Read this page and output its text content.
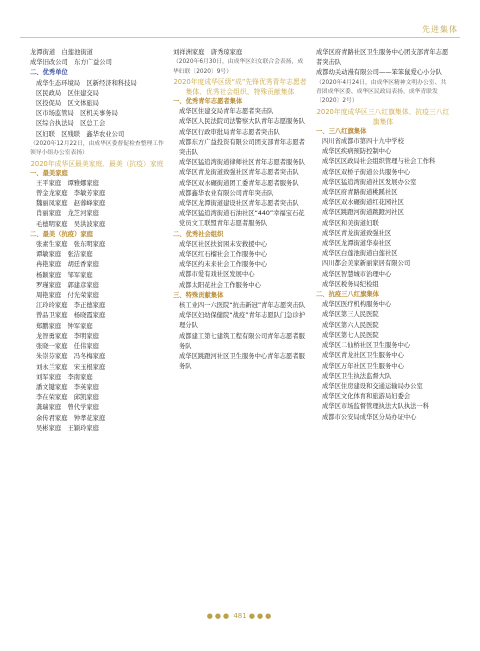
先进集体

龙潭街道　白莲池街道

成华旧改公司　东方广益公司

二、优秀单位

成华生态环境局　区新经济和科技局

区民政局　区住建交局

区投促局　区文体旅局

区市场监管局　区机关事务局

区综合执法局　区总工会

区妇联　区残联　鑫华农业公司

（2020年12月22日，由成华区委督促检查整理工作领导小组办公室表扬）

2020年成华区最美家庭、最美（抗疫）家庭

一、最美家庭

王平家庭　谭雅娜家庭

曾金龙家庭　李敏芳家庭

魏丽凤家庭　赵蓉峰家庭

肖丽家庭　龙芝河家庭

毛德明家庭　吴洪波家庭

二、最美（抗疫）家庭

张素生家庭　张东明家庭

谭敏家庭　张洁家庭

冉艳家庭　胡廷香家庭

杨颖家庭　邹军家庭

罗瑾家庭　郭建彦家庭

周艳家庭　付光荣家庭

江玲玲家庭　李正德家庭

曾品卫家庭　杨晓霞家庭

郑鹏家庭　钟军家庭

龙智勇家庭　李明家庭

张晓一家庭　任伟家庭

朱崇芬家庭　冯冬梅家庭

刘永兰家庭　宋玉根家庭

刘军家庭　李南家庭

潘文键家庭　李英家庭

李在荣家庭　邱凯家庭

龚瑞家庭　曾代学家庭

余传君家庭　钟孝花家庭

吴彬家庭　王颖玲家庭

刘祥洲家庭　唐秀琼家庭

（2020年6月30日，由成华区妇女联合会表扬，成华妇联〔2020〕9号）

2020年度成华区级“成”先锋优秀青年志愿者集体、优秀社会组织、特殊贡献集体

一、优秀青年志愿者集体

成华区住建交局青年志愿者突击队

成华区人民法院司法警察大队青年志愿服务队

成华区行政审批局青年志愿者突击队

成都东方广益投资有限公司团支部青年志愿者突击队

成华区猛追湾街道律师社区青年志愿者服务队

成华区青龙街道致强社区青年志愿者突击队

成华区双水碾街道团工委青年志愿者服务队

成都鑫华农业有限公司青年突击队

成华区龙潭街道建设社区青年志愿者突击队

成华区猛追湾街道石油社区“440”幸福宝石花党员文工联盟青年志愿者服务队

二、优秀社会组织

成华区社区扶贫困未安救援中心

成华区红石榴社会工作服务中心

成华区约未来社会工作服务中心

成都市爱有戏社区发展中心

成都太阳花社会工作服务中心

三、特殊贡献集体

核工业四一六医院“抗击新冠”青年志愿突击队

成华区妇幼保健院“战疫”青年志愿队门急诊护理分队

成都建工第七建筑工程有限公司青年志愿者服务队

成华区跳蹬河社区卫生服务中心青年志愿者服务队

成华区府青路社区卫生服务中心团支部青年志愿者突击队

成都幼关动漫有限公司——笨笨鼠爱心小分队

（2020年4月24日，由成华区精神文明办公室、共青团成华区委、成华区民政局表扬，成华青联发〔2020〕2号）

2020年度成华区三八红旗集体、抗疫三八红旗集体

一、三八红旗集体

四川省成都市第四十九中学校

成华区疾病预防控制中心

成华区区政局社会组织管理与社会工作科

成华区双桥子街道公共服务中心

成华区猛追湾街道社区发展办公室

成华区府青路街道桃蹊社区

成华区双水碾街道红花园社区

成华区跳蹬河街道跳蹬河社区

成华区和美街道妇联

成华区青龙街道致强社区

成华区龙潭街道华泰社区

成华区白莲池街道白莲社区

四川都会美家新丽家居有限公司

成华区智慧城市治理中心

成华区税务局纪检组

二、抗疫三八红旗集体

成华区医疗机构服务中心

成华区第三人民医院

成华区第六人民医院

成华区第七人民医院

成华区二仙桥社区卫生服务中心

成华区青龙社区卫生服务中心

成华区万年社区卫生服务中心

成华区卫生执法监督大队

成华区住房建设和交通运输局办公室

成华区文化体育和旅游局妇委会

成华区市场监督管理执法大队执法一科

成都市公安局成华区分局办证中心

●●● 481 ●●●
